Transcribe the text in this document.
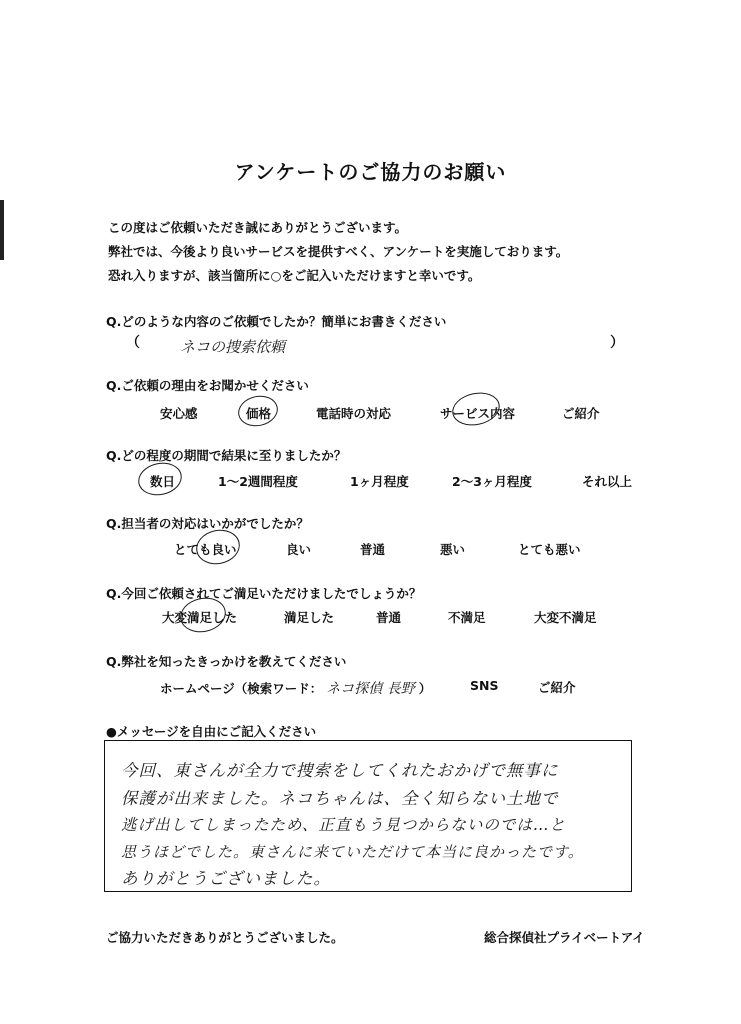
アンケートのご協力のお願い
この度はご依頼いただき誠にありがとうございます。
弊社では、今後より良いサービスを提供すべく、アンケートを実施しております。
恐れ入りますが、該当箇所に○をご記入いただけますと幸いです。
Q.どのような内容のご依頼でしたか？簡単にお書きください
（	ネコの捜索依頼	）
Q.ご依頼の理由をお聞かせください
安心感	価格	電話時の対応	サービス内容	ご紹介
Q.どの程度の期間で結果に至りましたか？
数日	1～2週間程度	1ヶ月程度	2～3ヶ月程度	それ以上
Q.担当者の対応はいかがでしたか？
とても良い	良い	普通	悪い	とても悪い
Q.今回ご依頼されてご満足いただけましたでしょうか？
大変満足した	満足した	普通	不満足	大変不満足
Q.弊社を知ったきっかけを教えてください
ホームページ（検索ワード： ネコ探偵 長野 ）	SNS	ご紹介
●メッセージを自由にご記入ください
今回、東さんが全力で捜索をしてくれたおかげで無事に
保護が出来ました。ネコちゃんは、全く知らない土地で
逃げ出してしまったため、正直もう見つからないのでは…と
思うほどでした。東さんに来ていただけて本当に良かったです。
ありがとうございました。
ご協力いただきありがとうございました。	総合探偵社プライベートアイ
